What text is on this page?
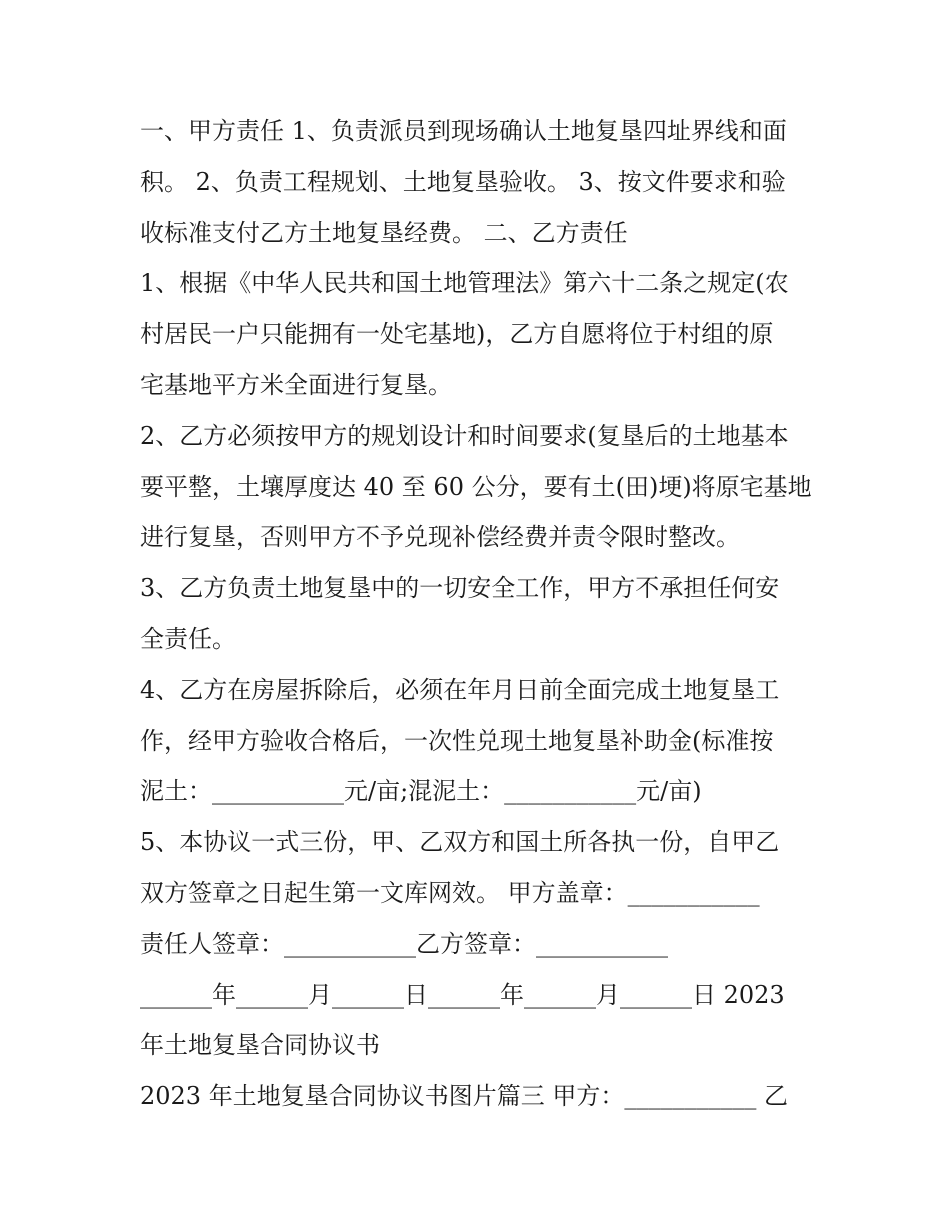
一、甲方责任 1、负责派员到现场确认土地复垦四址界线和面
积。 2、负责工程规划、土地复垦验收。 3、按文件要求和验
收标准支付乙方土地复垦经费。 二、乙方责任
1、根据《中华人民共和国土地管理法》第六十二条之规定(农
村居民一户只能拥有一处宅基地)，乙方自愿将位于村组的原
宅基地平方米全面进行复垦。
2、乙方必须按甲方的规划设计和时间要求(复垦后的土地基本
要平整，土壤厚度达 40 至 60 公分，要有土(田)埂)将原宅基地
进行复垦，否则甲方不予兑现补偿经费并责令限时整改。
3、乙方负责土地复垦中的一切安全工作，甲方不承担任何安
全责任。
4、乙方在房屋拆除后，必须在年月日前全面完成土地复垦工
作，经甲方验收合格后，一次性兑现土地复垦补助金(标准按
泥土：___________元/亩;混泥土：___________元/亩)
5、本协议一式三份，甲、乙双方和国土所各执一份，自甲乙
双方签章之日起生第一文库网效。 甲方盖章：___________
责任人签章：___________乙方签章：___________
______年______月______日______年______月______日 2023
年土地复垦合同协议书
2023 年土地复垦合同协议书图片篇三 甲方：___________ 乙
